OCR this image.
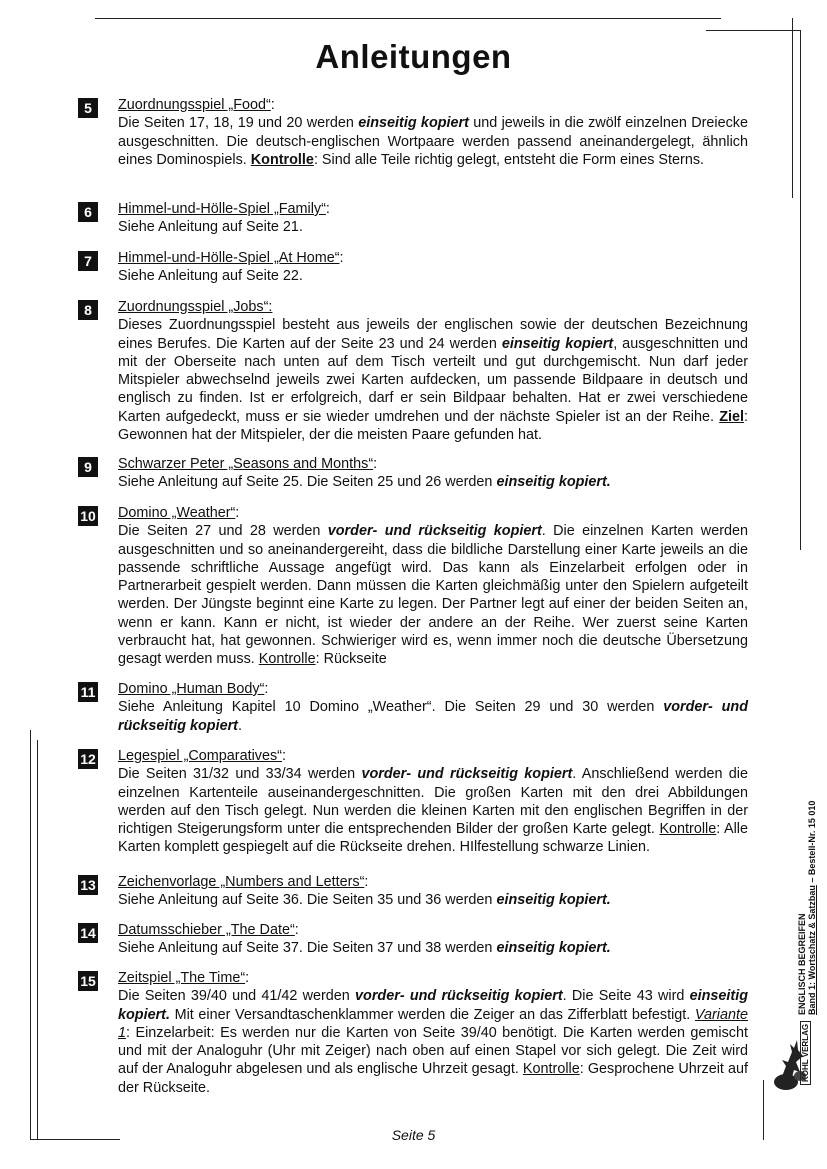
Anleitungen
5	Zuordnungsspiel „Food“:
Die Seiten 17, 18, 19 und 20 werden einseitig kopiert und jeweils in die zwölf einzelnen Dreiecke ausgeschnitten. Die deutsch-englischen Wortpaare werden passend aneinandergelegt, ähnlich eines Dominospiels. Kontrolle: Sind alle Teile richtig gelegt, entsteht die Form eines Sterns.
6	Himmel-und-Hölle-Spiel „Family“:
Siehe Anleitung auf Seite 21.
7	Himmel-und-Hölle-Spiel „At Home“:
Siehe Anleitung auf Seite 22.
8	Zuordnungsspiel „Jobs“:
Dieses Zuordnungsspiel besteht aus jeweils der englischen sowie der deutschen Bezeichnung eines Berufes. Die Karten auf der Seite 23 und 24 werden einseitig kopiert, ausgeschnitten und mit der Oberseite nach unten auf dem Tisch verteilt und gut durchgemischt. Nun darf jeder Mitspieler abwechselnd jeweils zwei Karten aufdecken, um passende Bildpaare in deutsch und englisch zu finden. Ist er erfolgreich, darf er sein Bildpaar behalten. Hat er zwei verschiedene Karten aufgedeckt, muss er sie wieder umdrehen und der nächste Spieler ist an der Reihe. Ziel: Gewonnen hat der Mitspieler, der die meisten Paare gefunden hat.
9	Schwarzer Peter „Seasons and Months“:
Siehe Anleitung auf Seite 25. Die Seiten 25 und 26 werden einseitig kopiert.
10 Domino „Weather“:
Die Seiten 27 und 28 werden vorder- und rückseitig kopiert. Die einzelnen Karten werden ausgeschnitten und so aneinandergereiht, dass die bildliche Darstellung einer Karte jeweils an die passende schriftliche Aussage angefügt wird. Das kann als Einzelarbeit erfolgen oder in Partnerarbeit gespielt werden. Dann müssen die Karten gleichmäßig unter den Spielern aufgeteilt werden. Der Jüngste beginnt eine Karte zu legen. Der Partner legt auf einer der beiden Seiten an, wenn er kann. Kann er nicht, ist wieder der andere an der Reihe. Wer zuerst seine Karten verbraucht hat, hat gewonnen. Schwieriger wird es, wenn immer noch die deutsche Übersetzung gesagt werden muss. Kontrolle: Rückseite
11 Domino „Human Body“:
Siehe Anleitung Kapitel 10 Domino „Weather“. Die Seiten 29 und 30 werden vorder- und rückseitig kopiert.
12 Legespiel „Comparatives“:
Die Seiten 31/32 und 33/34 werden vorder- und rückseitig kopiert. Anschließend werden die einzelnen Kartenteile auseinandergeschnitten. Die großen Karten mit den drei Abbildungen werden auf den Tisch gelegt. Nun werden die kleinen Karten mit den englischen Begriffen in der richtigen Steigerungsform unter die entsprechenden Bilder der großen Karte gelegt. Kontrolle: Alle Karten komplett gespiegelt auf die Rückseite drehen. HIlfestellung schwarze Linien.
13 Zeichenvorlage „Numbers and Letters“:
Siehe Anleitung auf Seite 36. Die Seiten 35 und 36 werden einseitig kopiert.
14 Datumsschieber „The Date“:
Siehe Anleitung auf Seite 37. Die Seiten 37 und 38 werden einseitig kopiert.
15 Zeitspiel „The Time“:
Die Seiten 39/40 und 41/42 werden vorder- und rückseitig kopiert. Die Seite 43 wird einseitig kopiert. Mit einer Versandtaschenklammer werden die Zeiger an das Zifferblatt befestigt. Variante 1: Einzelarbeit: Es werden nur die Karten von Seite 39/40 benötigt. Die Karten werden gemischt und mit der Analoguhr (Uhr mit Zeiger) nach oben auf einen Stapel vor sich gelegt. Die Zeit wird auf der Analoguhr abgelesen und als englische Uhrzeit gesagt. Kontrolle: Gesprochene Uhrzeit auf der Rückseite.
Seite 5
ENGLISCH BEGREIFEN Band 1: Wortschatz & Satzbau – Bestell-Nr. 15 010
KOHL VERLAG
